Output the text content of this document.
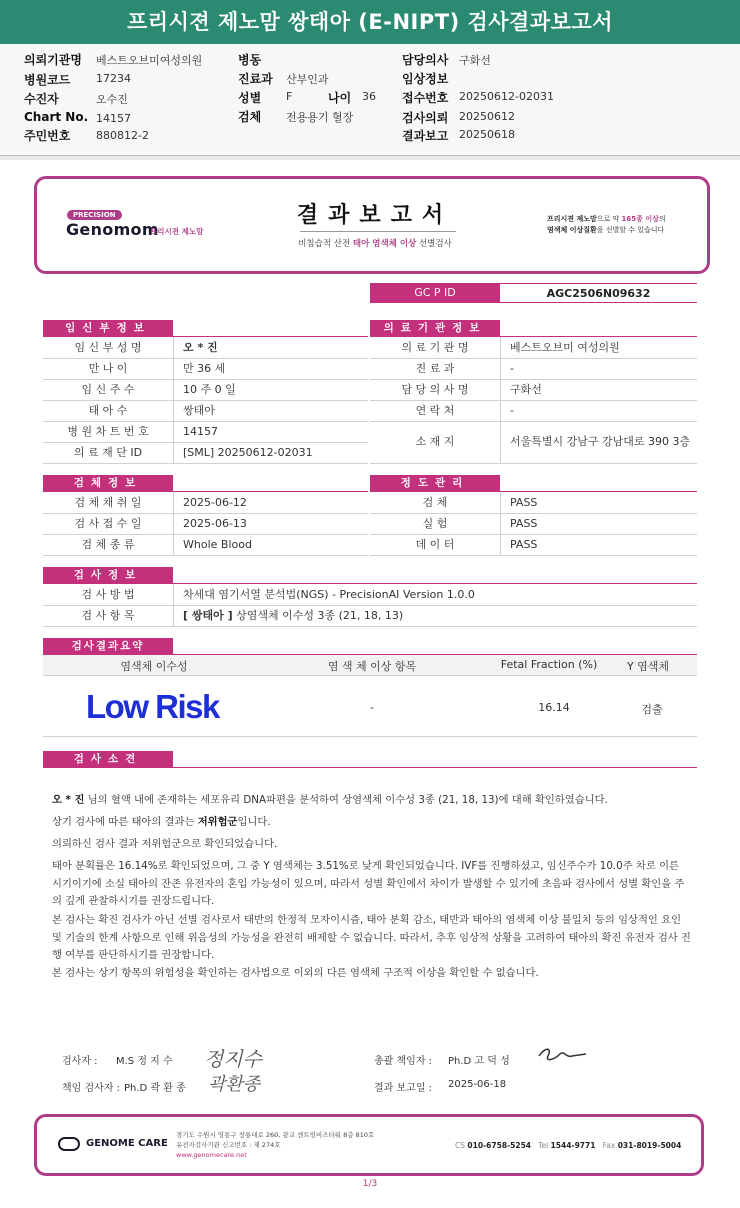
프리시젼 제노맘 쌍태아 (E-NIPT) 검사결과보고서
의뢰기관명 베스트오브미여성의원
병원코드 17234
수진자	오수진
Chart No. 14157
주민번호 880812-2
병동
진료과 산부인과
성별 F	나이 36
검체 전용용기 혈장
담당의사 구화선
임상정보
접수번호 20250612-02031
검사의뢰 20250612
결과보고 20250618
PRECISION
Genomom
프리시젼 제노맘
결과보고서
비침습적 산전 태아 염색체 이상 선별검사
프리시젼 제노맘으로 약 165종 이상의
염색체 이상질환을 선별할 수 있습니다
GC P ID	AGC2506N09632
임신부정보	의료기관정보
임 신 부 성 명	오 * 진
만 나 이	만 36 세
임 신 주 수	10 주 0 일
태 아 수	쌍태아
병 원 차 트 번 호	14157
의 료 재 단 ID	[SML] 20250612-02031
의 료 기 관 명	베스트오브미 여성의원
진 료 과	-
담 당 의 사 명	구화선
연 락 처	-
소 재 지	서울특별시 강남구 강남대로 390 3층
검체정보	정도관리
검 체 채 취 일	2025-06-12
검 사 접 수 일	2025-06-13
검 체 종 류	Whole Blood
검 체	PASS
실 험	PASS
데 이 터	PASS
검사정보
검 사 방 법	차세대 염기서열 분석법(NGS) - PrecisionAI Version 1.0.0
검 사 항 목	[ 쌍태아 ] 상염색체 이수성 3종 (21, 18, 13)
검사결과요약
염색체 이수성	염 색 체 이상 항목	Fetal Fraction (%)	Y 염색체
Low Risk	-	16.14	검출
검사소견
오 * 진 님의 혈액 내에 존재하는 세포유리 DNA파편을 분석하여 상염색체 이수성 3종 (21, 18, 13)에 대해 확인하였습니다.
상기 검사에 따른 태아의 결과는 저위험군입니다.
의뢰하신 검사 결과 저위험군으로 확인되었습니다.
태아 분획률은 16.14%로 확인되었으며, 그 중 Y 염색체는 3.51%로 낮게 확인되었습니다. IVF를 진행하셨고, 임신주수가 10.0주 차로 이른 시기이기에 소실 태아의 잔존 유전자의 혼입 가능성이 있으며, 따라서 성별 확인에서 차이가 발생할 수 있기에 초음파 검사에서 성별 확인을 주의 깊게 관찰하시기를 권장드립니다.
본 검사는 확진 검사가 아닌 선별 검사로서 태반의 한정적 모자이시즘, 태아 분획 감소, 태반과 태아의 염색체 이상 불일치 등의 임상적인 요인 및 기술의 한계 사항으로 인해 위음성의 가능성을 완전히 배제할 수 없습니다. 따라서, 추후 임상적 상황을 고려하여 태아의 확진 유전자 검사 진행 여부를 판단하시기를 권장합니다.
본 검사는 상기 항목의 위험성을 확인하는 검사법으로 이외의 다른 염색체 구조적 이상을 확인할 수 없습니다.
검사자 : M.S 정 지 수 정지수
책임 검사자 : Ph.D 곽 환 종 곽환종
총괄 책임자 : Ph.D 고 덕 성
결과 보고일 : 2025-06-18
GENOME CARE
경기도 수원시 영통구 창룡대로 260, 광교 센트럴비즈타워 8층 810호
유전자검사기관 신고번호 : 제 274호
www.genomecare.net
CS 010-6758-5254 Tel 1544-9771 Fax 031-8019-5004
1/3
